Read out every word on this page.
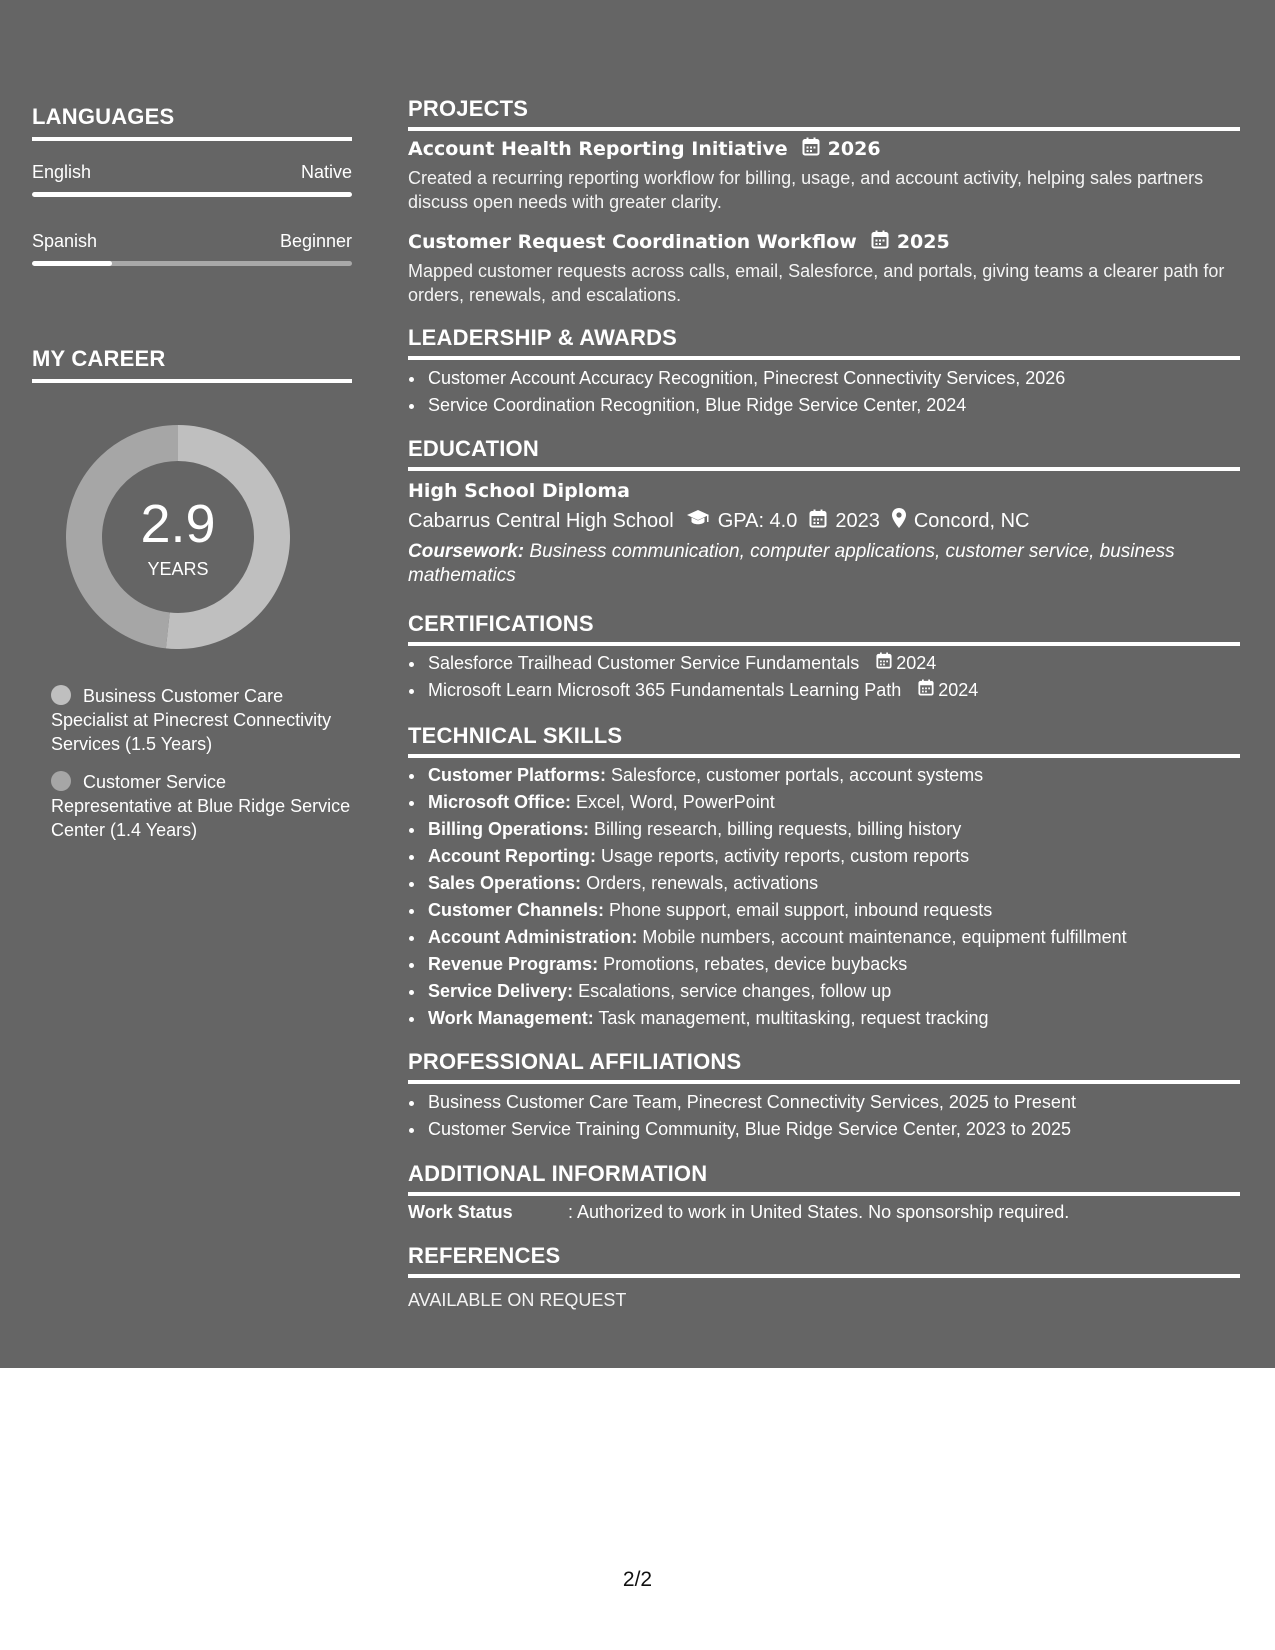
LANGUAGES
English	Native
Spanish	Beginner
MY CAREER
2.9
YEARS
Business Customer Care Specialist at Pinecrest Connectivity Services (1.5 Years)
Customer Service Representative at Blue Ridge Service Center (1.4 Years)
PROJECTS
Account Health Reporting Initiative 2026
Created a recurring reporting workflow for billing, usage, and account activity, helping sales partners discuss open needs with greater clarity.
Customer Request Coordination Workflow 2025
Mapped customer requests across calls, email, Salesforce, and portals, giving teams a clearer path for orders, renewals, and escalations.
LEADERSHIP & AWARDS
• Customer Account Accuracy Recognition, Pinecrest Connectivity Services, 2026
• Service Coordination Recognition, Blue Ridge Service Center, 2024
EDUCATION
High School Diploma
Cabarrus Central High School GPA: 4.0 2023 Concord, NC
Coursework: Business communication, computer applications, customer service, business mathematics
CERTIFICATIONS
• Salesforce Trailhead Customer Service Fundamentals 2024
• Microsoft Learn Microsoft 365 Fundamentals Learning Path 2024
TECHNICAL SKILLS
• Customer Platforms: Salesforce, customer portals, account systems
• Microsoft Office: Excel, Word, PowerPoint
• Billing Operations: Billing research, billing requests, billing history
• Account Reporting: Usage reports, activity reports, custom reports
• Sales Operations: Orders, renewals, activations
• Customer Channels: Phone support, email support, inbound requests
• Account Administration: Mobile numbers, account maintenance, equipment fulfillment
• Revenue Programs: Promotions, rebates, device buybacks
• Service Delivery: Escalations, service changes, follow up
• Work Management: Task management, multitasking, request tracking
PROFESSIONAL AFFILIATIONS
• Business Customer Care Team, Pinecrest Connectivity Services, 2025 to Present
• Customer Service Training Community, Blue Ridge Service Center, 2023 to 2025
ADDITIONAL INFORMATION
Work Status	: Authorized to work in United States. No sponsorship required.
REFERENCES
AVAILABLE ON REQUEST
2/2
